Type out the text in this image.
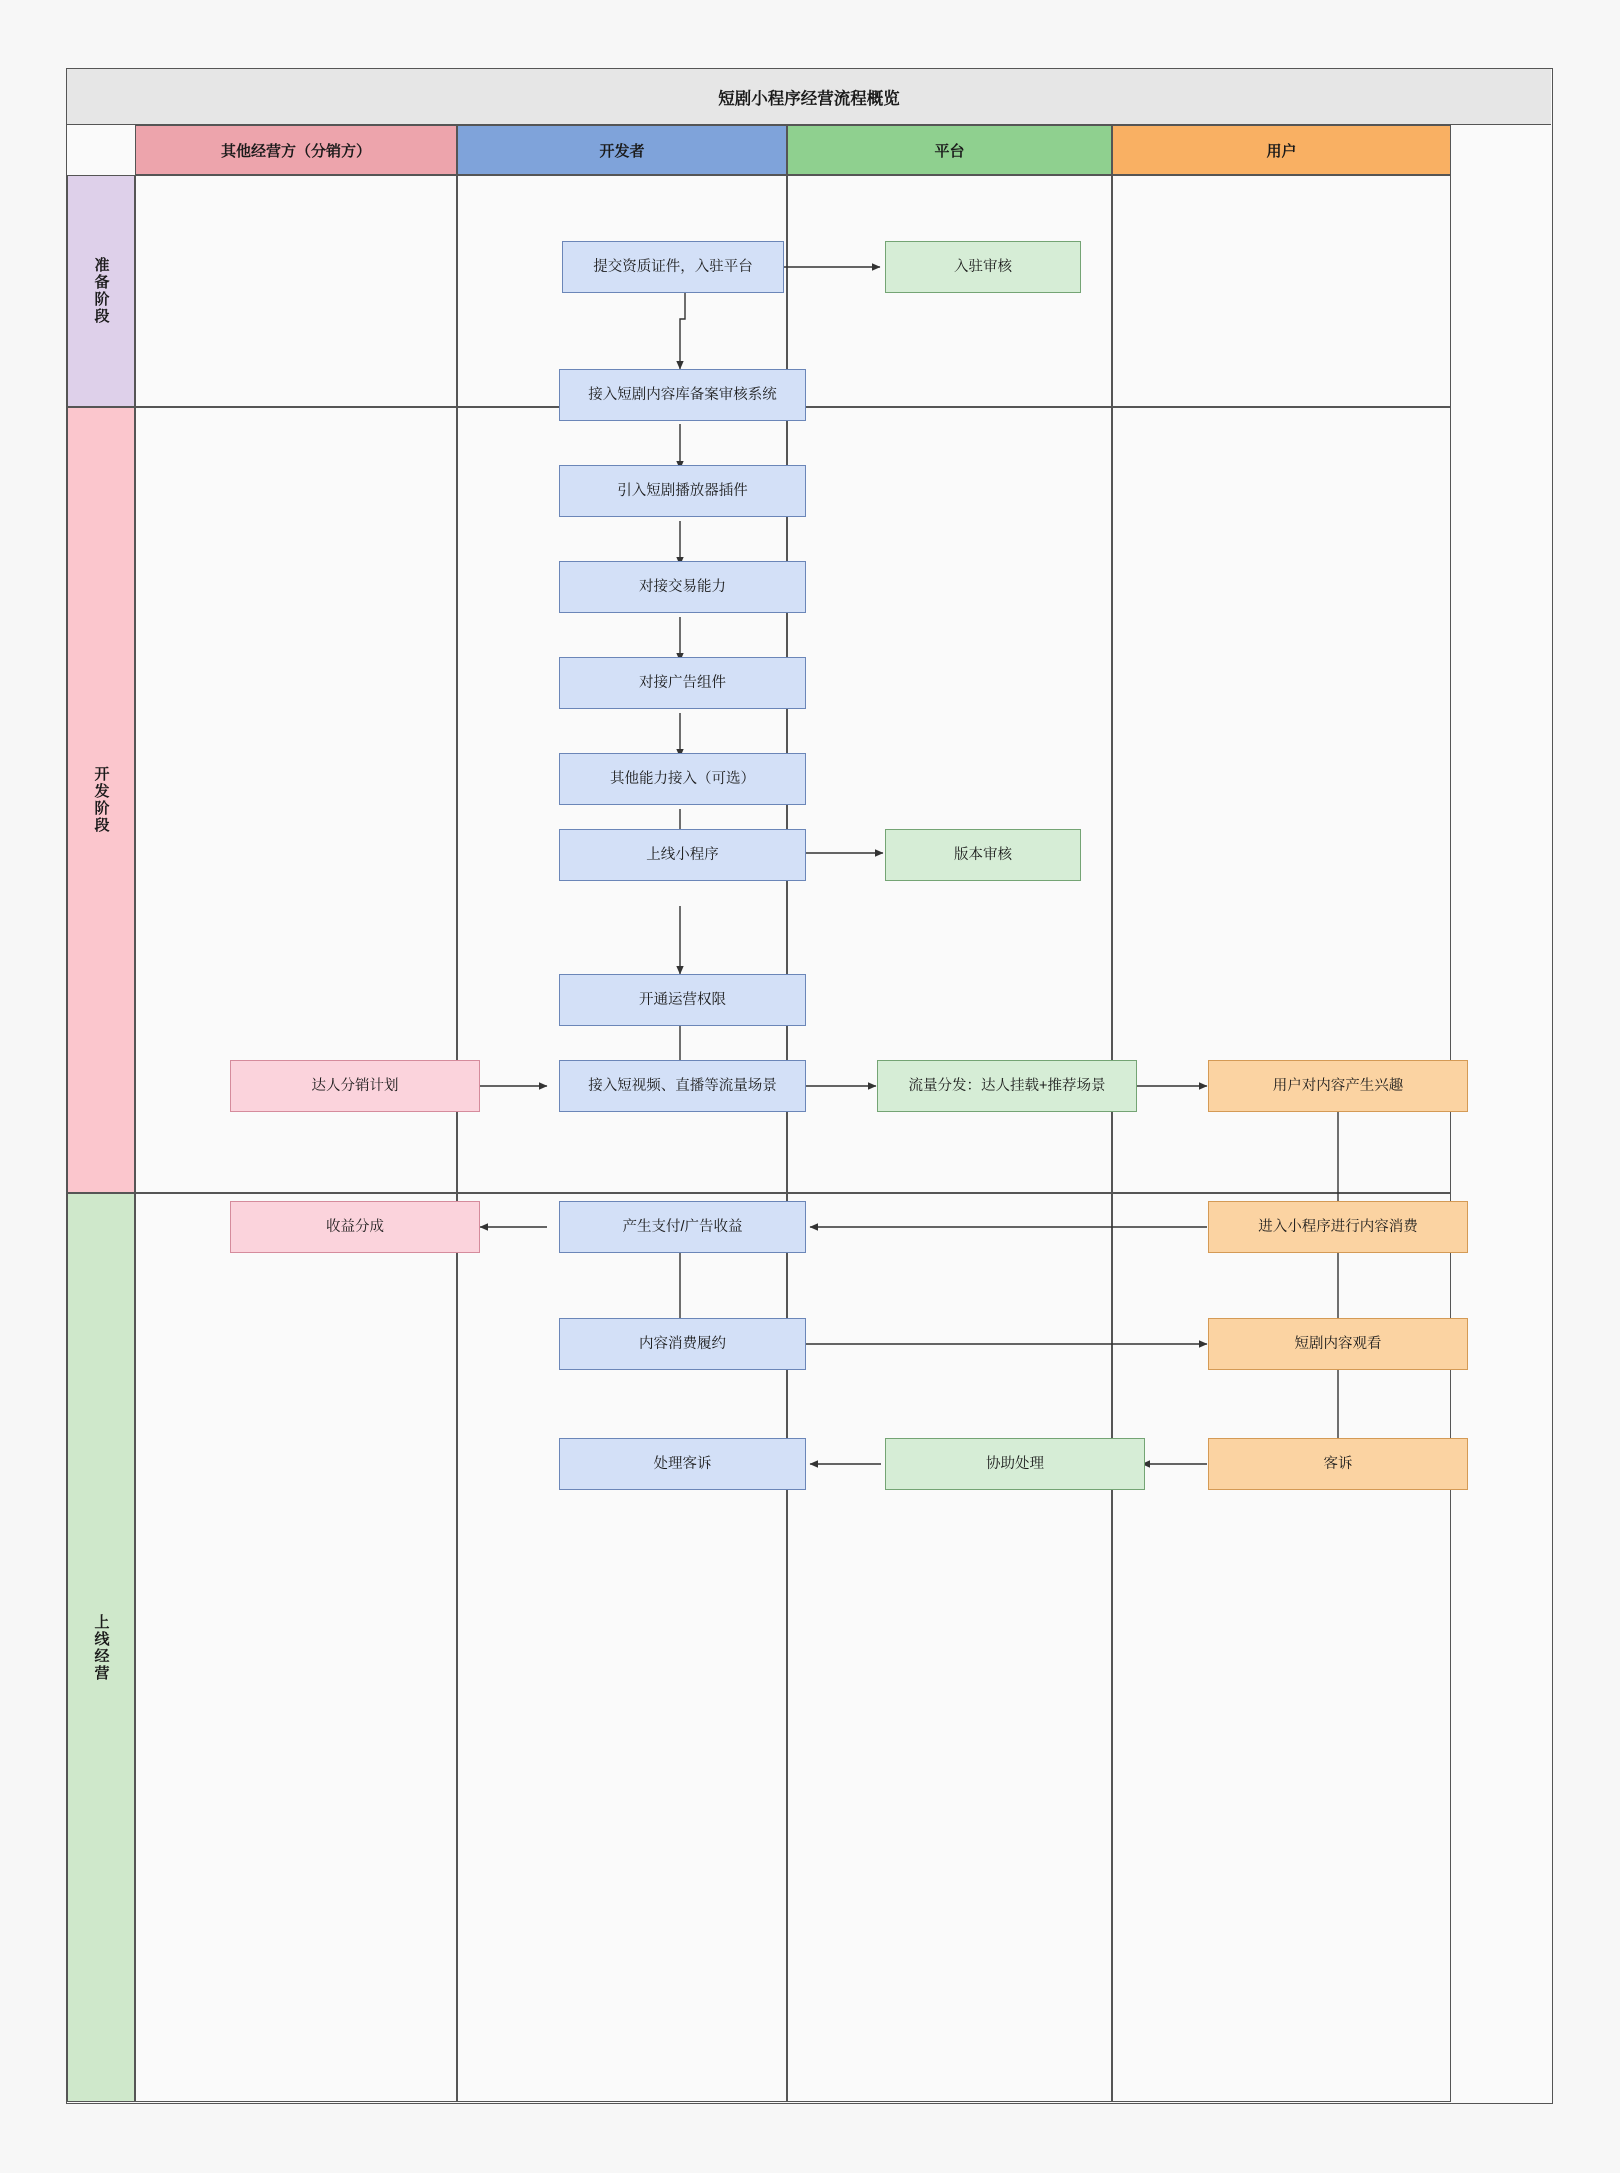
短剧小程序经营流程概览
其他经营方（分销方）	开发者	平台	用户
准备阶段
开发阶段
上线经营
提交资质证件，入驻平台	入驻审核
接入短剧内容库备案审核系统
引入短剧播放器插件
对接交易能力
对接广告组件
其他能力接入（可选）
上线小程序	版本审核
开通运营权限
达人分销计划	接入短视频、直播等流量场景	流量分发：达人挂载+推荐场景	用户对内容产生兴趣
收益分成	产生支付/广告收益	进入小程序进行内容消费
内容消费履约	短剧内容观看
处理客诉	协助处理	客诉
